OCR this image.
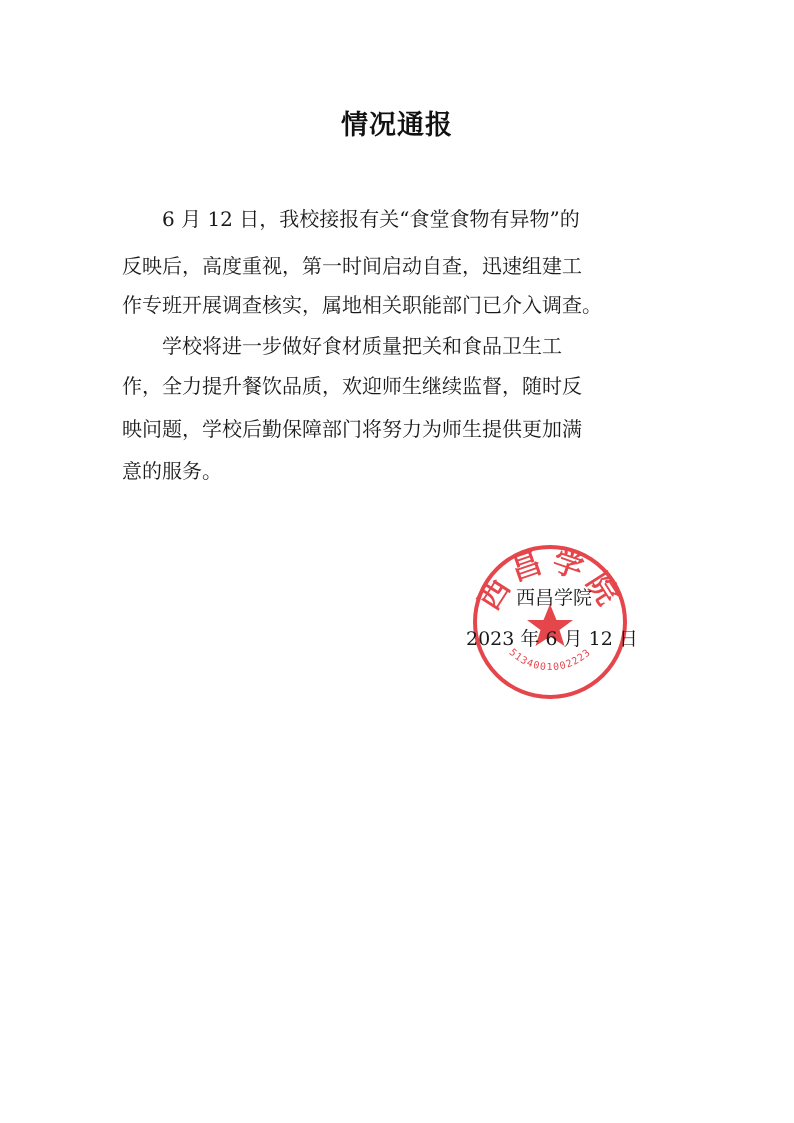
情况通报
6 月 12 日，我校接报有关“食堂食物有异物”的
反映后，高度重视，第一时间启动自查，迅速组建工
作专班开展调查核实，属地相关职能部门已介入调查。
学校将进一步做好食材质量把关和食品卫生工
作，全力提升餐饮品质，欢迎师生继续监督，随时反
映问题，学校后勤保障部门将努力为师生提供更加满
意的服务。
西昌学院
5134001002223
西昌学院
2023 年 6 月 12 日
